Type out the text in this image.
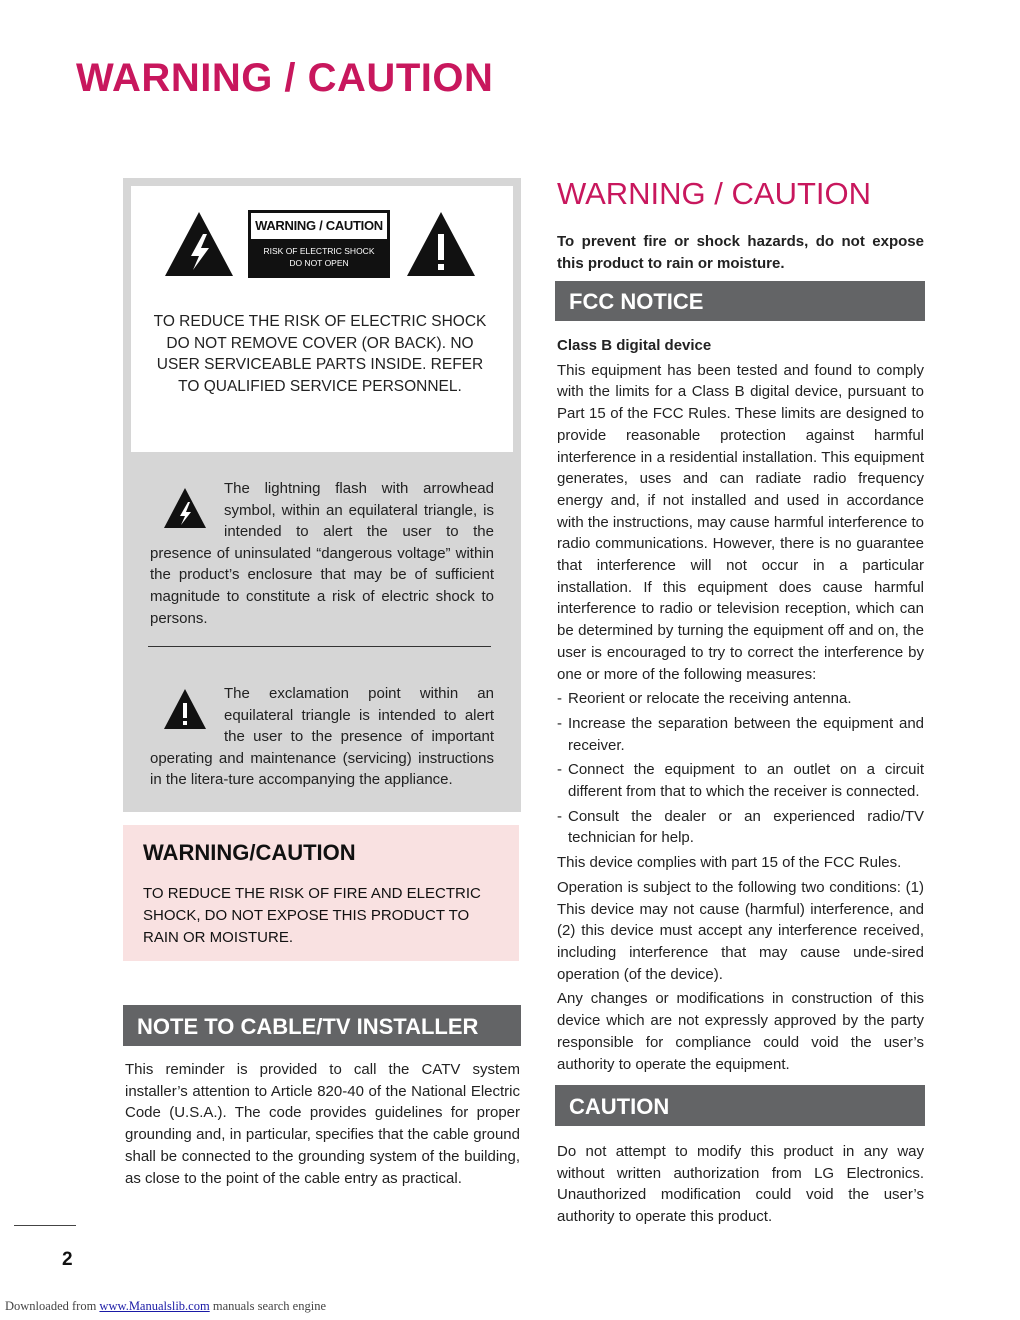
WARNING / CAUTION
WARNING / CAUTION
RISK OF ELECTRIC SHOCK
DO NOT OPEN
TO REDUCE THE RISK OF ELECTRIC SHOCK DO NOT REMOVE COVER (OR BACK). NO USER SERVICEABLE PARTS INSIDE. REFER TO QUALIFIED SERVICE PERSONNEL.
The lightning flash with arrowhead symbol, within an equilateral triangle, is intended to alert the user to the presence of uninsulated “dangerous voltage” within the product’s enclosure that may be of sufficient magnitude to constitute a risk of electric shock to persons.
The exclamation point within an equilateral triangle is intended to alert the user to the presence of important operating and maintenance (servicing) instructions in the litera-ture accompanying the appliance.
WARNING/CAUTION
TO REDUCE THE RISK OF FIRE AND ELECTRIC SHOCK, DO NOT EXPOSE THIS PRODUCT TO RAIN OR MOISTURE.
NOTE TO CABLE/TV INSTALLER

This reminder is provided to call the CATV system installer’s attention to Article 820-40 of the National Electric Code (U.S.A.). The code provides guidelines for proper grounding and, in particular, specifies that the cable ground shall be connected to the grounding system of the building, as close to the point of the cable entry as practical.

WARNING / CAUTION
To prevent fire or shock hazards, do not expose this product to rain or moisture.
FCC NOTICE
Class B digital device

This equipment has been tested and found to comply with the limits for a Class B digital device, pursuant to Part 15 of the FCC Rules. These limits are designed to provide reasonable protection against harmful interference in a residential installation. This equipment generates, uses and can radiate radio frequency energy and, if not installed and used in accordance with the instructions, may cause harmful interference to radio communications. However, there is no guarantee that interference will not occur in a particular installation. If this equipment does cause harmful interference to radio or television reception, which can be determined by turning the equipment off and on, the user is encouraged to try to correct the interference by one or more of the following measures:

- Reorient or relocate the receiving antenna.
- Increase the separation between the equipment and receiver.
- Connect the equipment to an outlet on a circuit different from that to which the receiver is connected.
- Consult the dealer or an experienced radio/TV technician for help.

This device complies with part 15 of the FCC Rules.

Operation is subject to the following two conditions: (1) This device may not cause (harmful) interference, and (2) this device must accept any interference received, including interference that may cause unde-sired operation (of the device).

Any changes or modifications in construction of this device which are not expressly approved by the party responsible for compliance could void the user’s authority to operate the equipment.

CAUTION

Do not attempt to modify this product in any way without written authorization from LG Electronics. Unauthorized modification could void the user’s authority to operate this product.

2
Downloaded from www.Manualslib.com manuals search engine
